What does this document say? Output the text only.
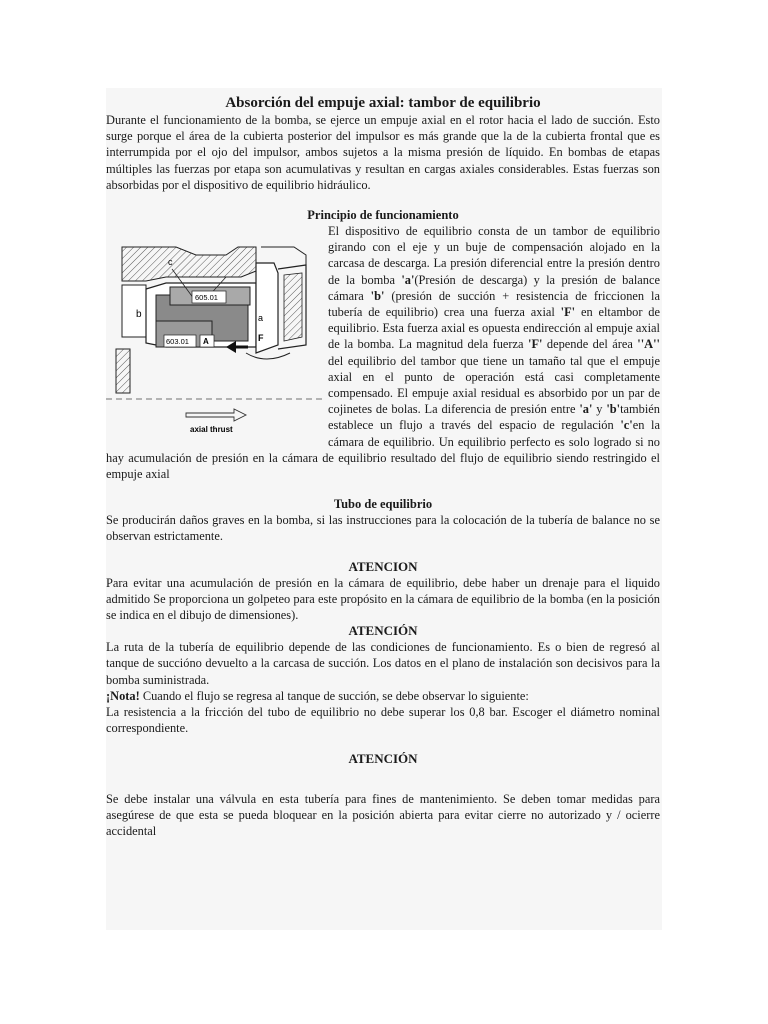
Absorción del empuje axial: tambor de equilibrio

Durante el funcionamiento de la bomba, se ejerce un empuje axial en el rotor hacia el lado de succión. Esto surge porque el área de la cubierta posterior del impulsor es más grande que la de la cubierta frontal que es interrumpida por el ojo del impulsor, ambos sujetos a la misma presión de líquido. En bombas de etapas múltiples las fuerzas por etapa son acumulativas y resultan en cargas axiales considerables. Estas fuerzas son absorbidas por el dispositivo de equilibrio hidráulico.

Principio de funcionamiento
c
b	a
F
605.01
603.01 A
axial thrust

El dispositivo de equilibrio consta de un tambor de equilibrio girando con el eje y un buje de compensación alojado en la carcasa de descarga. La presión diferencial entre la presión dentro de la bomba 'a'(Presión de descarga) y la presión de balance cámara 'b' (presión de succión + resistencia de friccionen la tubería de equilibrio) crea una fuerza axial 'F' en eltambor de equilibrio. Esta fuerza axial es opuesta endirección al empuje axial de la bomba. La magnitud dela fuerza 'F' depende del área ''A'' del equilibrio del tambor que tiene un tamaño tal que el empuje axial en el punto de operación está casi completamente compensado. El empuje axial residual es absorbido por un par de cojinetes de bolas. La diferencia de presión entre 'a' y 'b'también establece un flujo a través del espacio de regulación 'c'en la cámara de equilibrio. Un equilibrio perfecto es solo logrado si no hay acumulación de presión en la cámara de equilibrio resultado del flujo de equilibrio siendo restringido el empuje axial

Tubo de equilibrio

Se producirán daños graves en la bomba, si las instrucciones para la colocación de la tubería de balance no se observan estrictamente.

ATENCION

Para evitar una acumulación de presión en la cámara de equilibrio, debe haber un drenaje para el liquido admitido Se proporciona un golpeteo para este propósito en la cámara de equilibrio de la bomba (en la posición se indica en el dibujo de dimensiones).

ATENCIÓN

La ruta de la tubería de equilibrio depende de las condiciones de funcionamiento. Es o bien de regresó al tanque de succióno devuelto a la carcasa de succión. Los datos en el plano de instalación son decisivos para la bomba suministrada.

¡Nota! Cuando el flujo se regresa al tanque de succión, se debe observar lo siguiente:

La resistencia a la fricción del tubo de equilibrio no debe superar los 0,8 bar. Escoger el diámetro nominal correspondiente.

ATENCIÓN

Se debe instalar una válvula en esta tubería para fines de mantenimiento. Se deben tomar medidas para asegúrese de que esta se pueda bloquear en la posición abierta para evitar cierre no autorizado y / ocierre accidental
